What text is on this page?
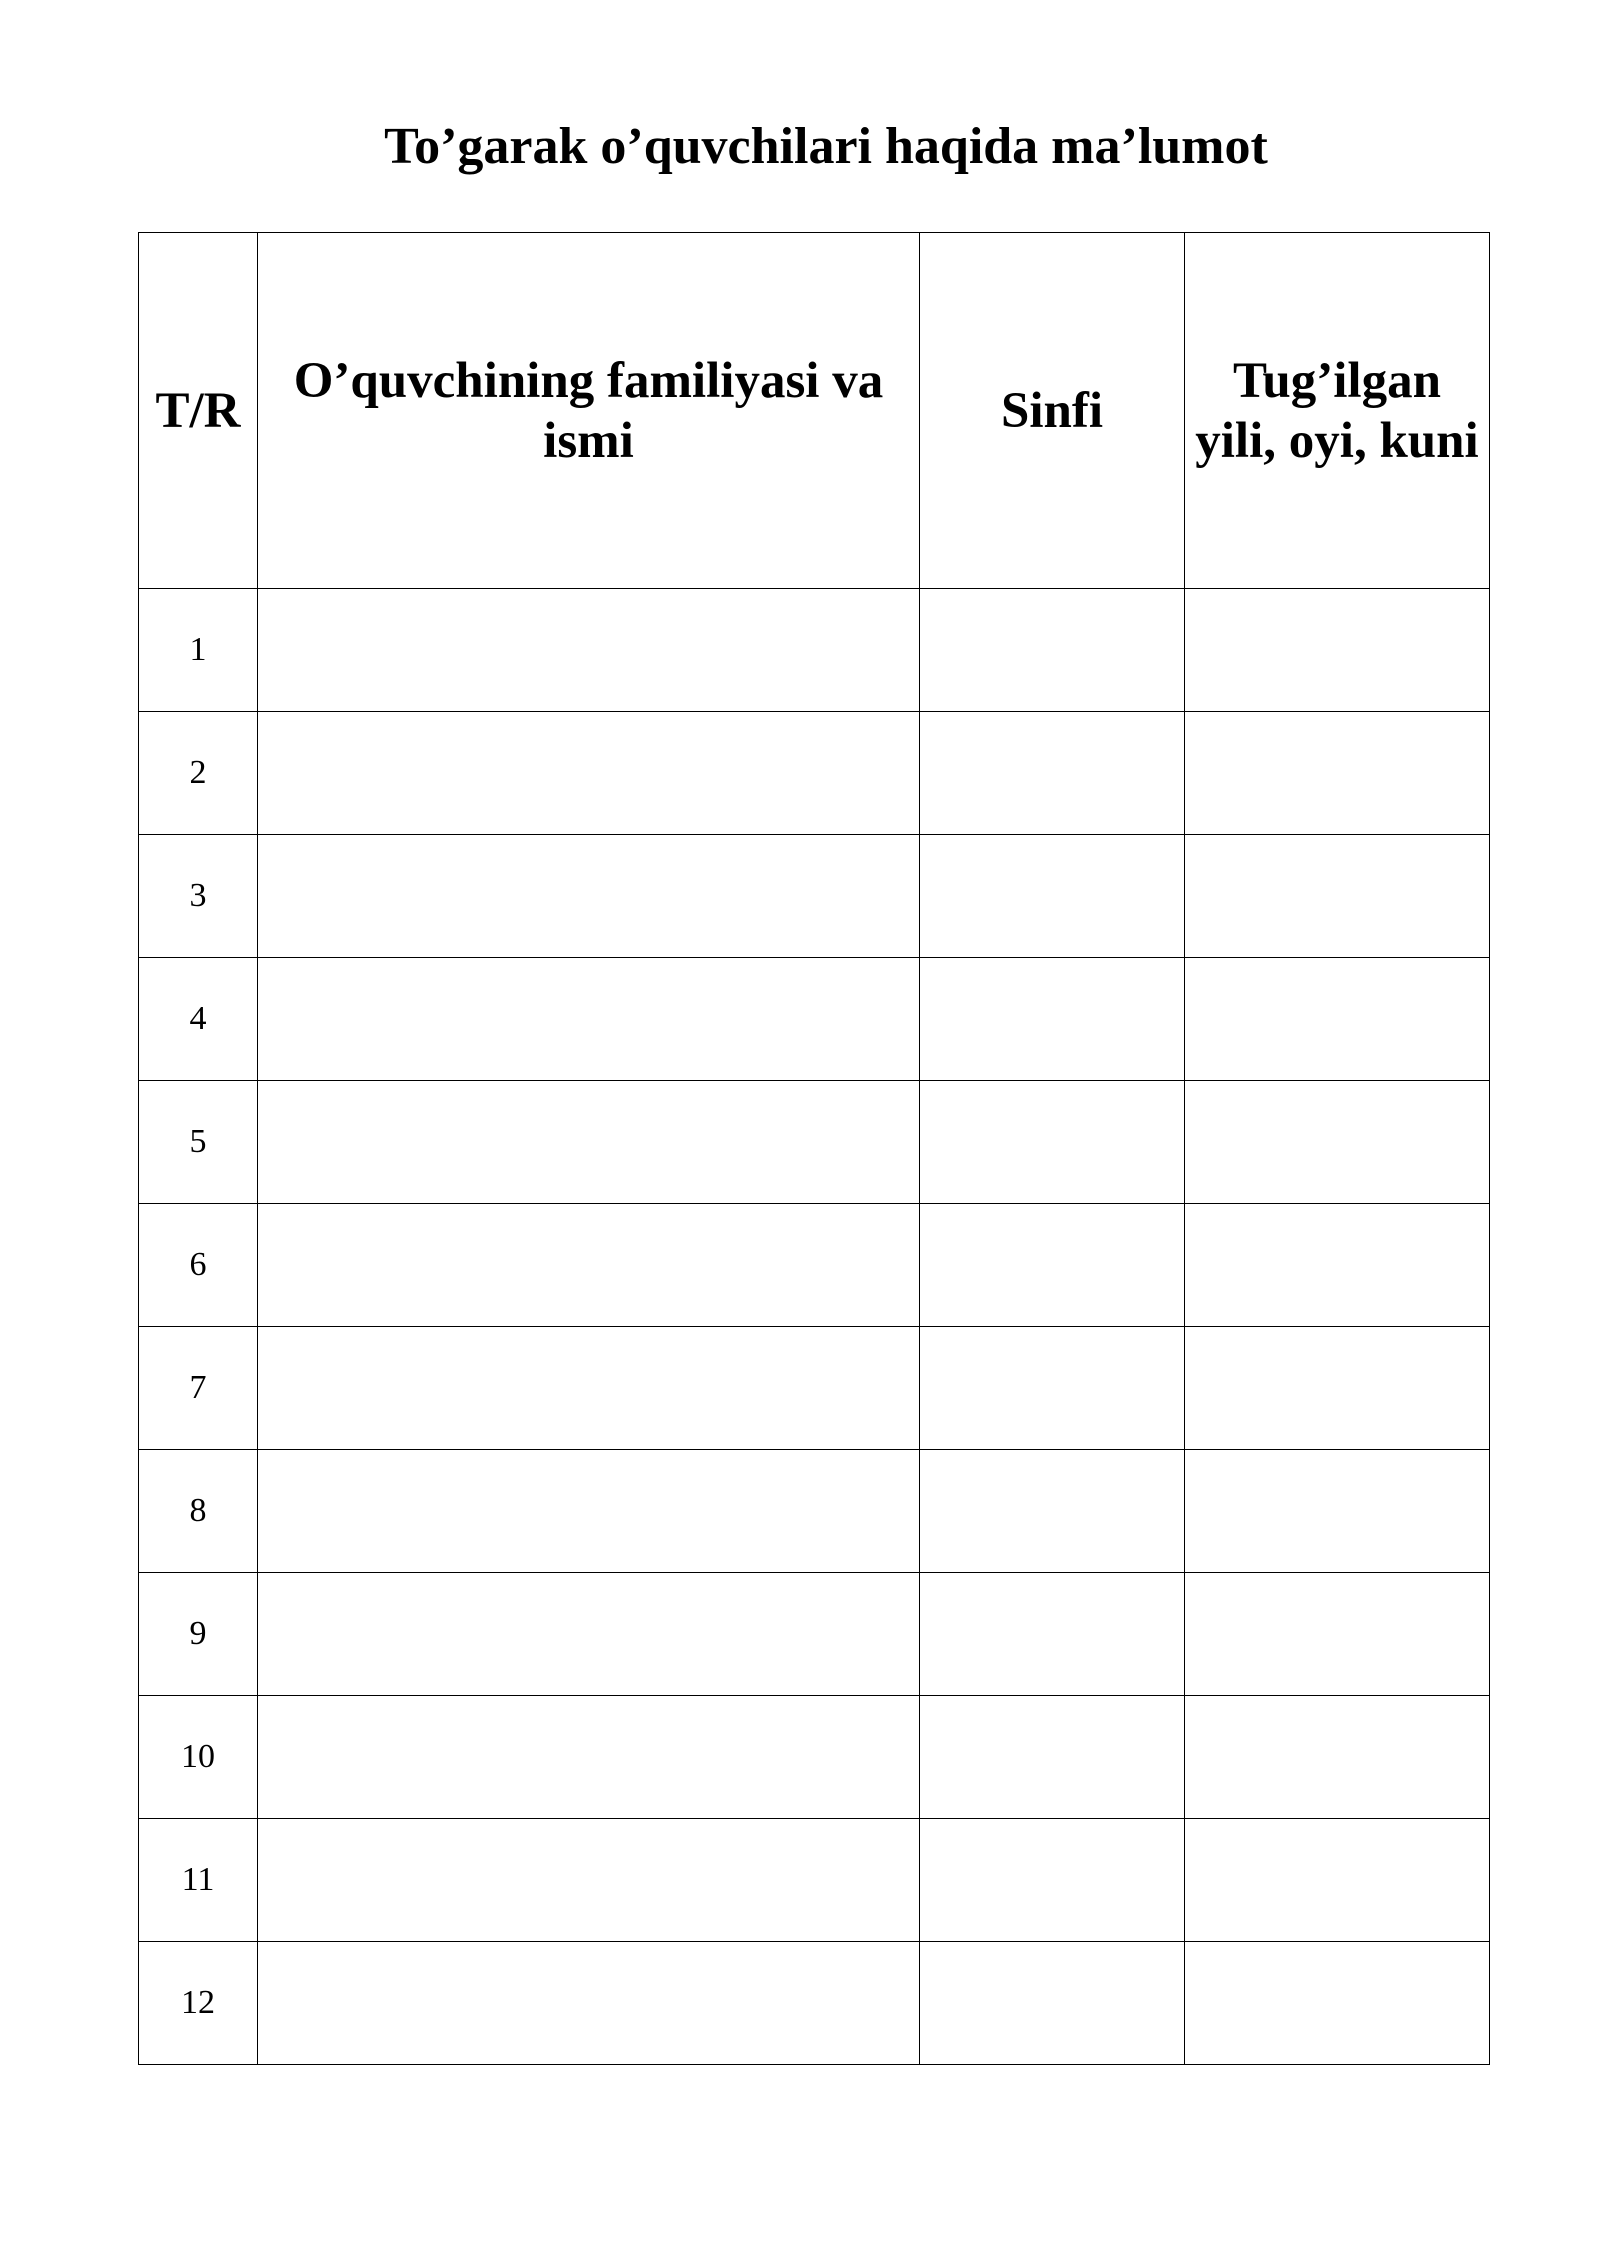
To’garak o’quvchilari haqida ma’lumot
T/R	O’quvchining familiyasi va ismi	Sinfi	Tug’ilgan yili, oyi, kuni
1			
2			
3			
4			
5			
6			
7			
8			
9			
10			
11			
12			
